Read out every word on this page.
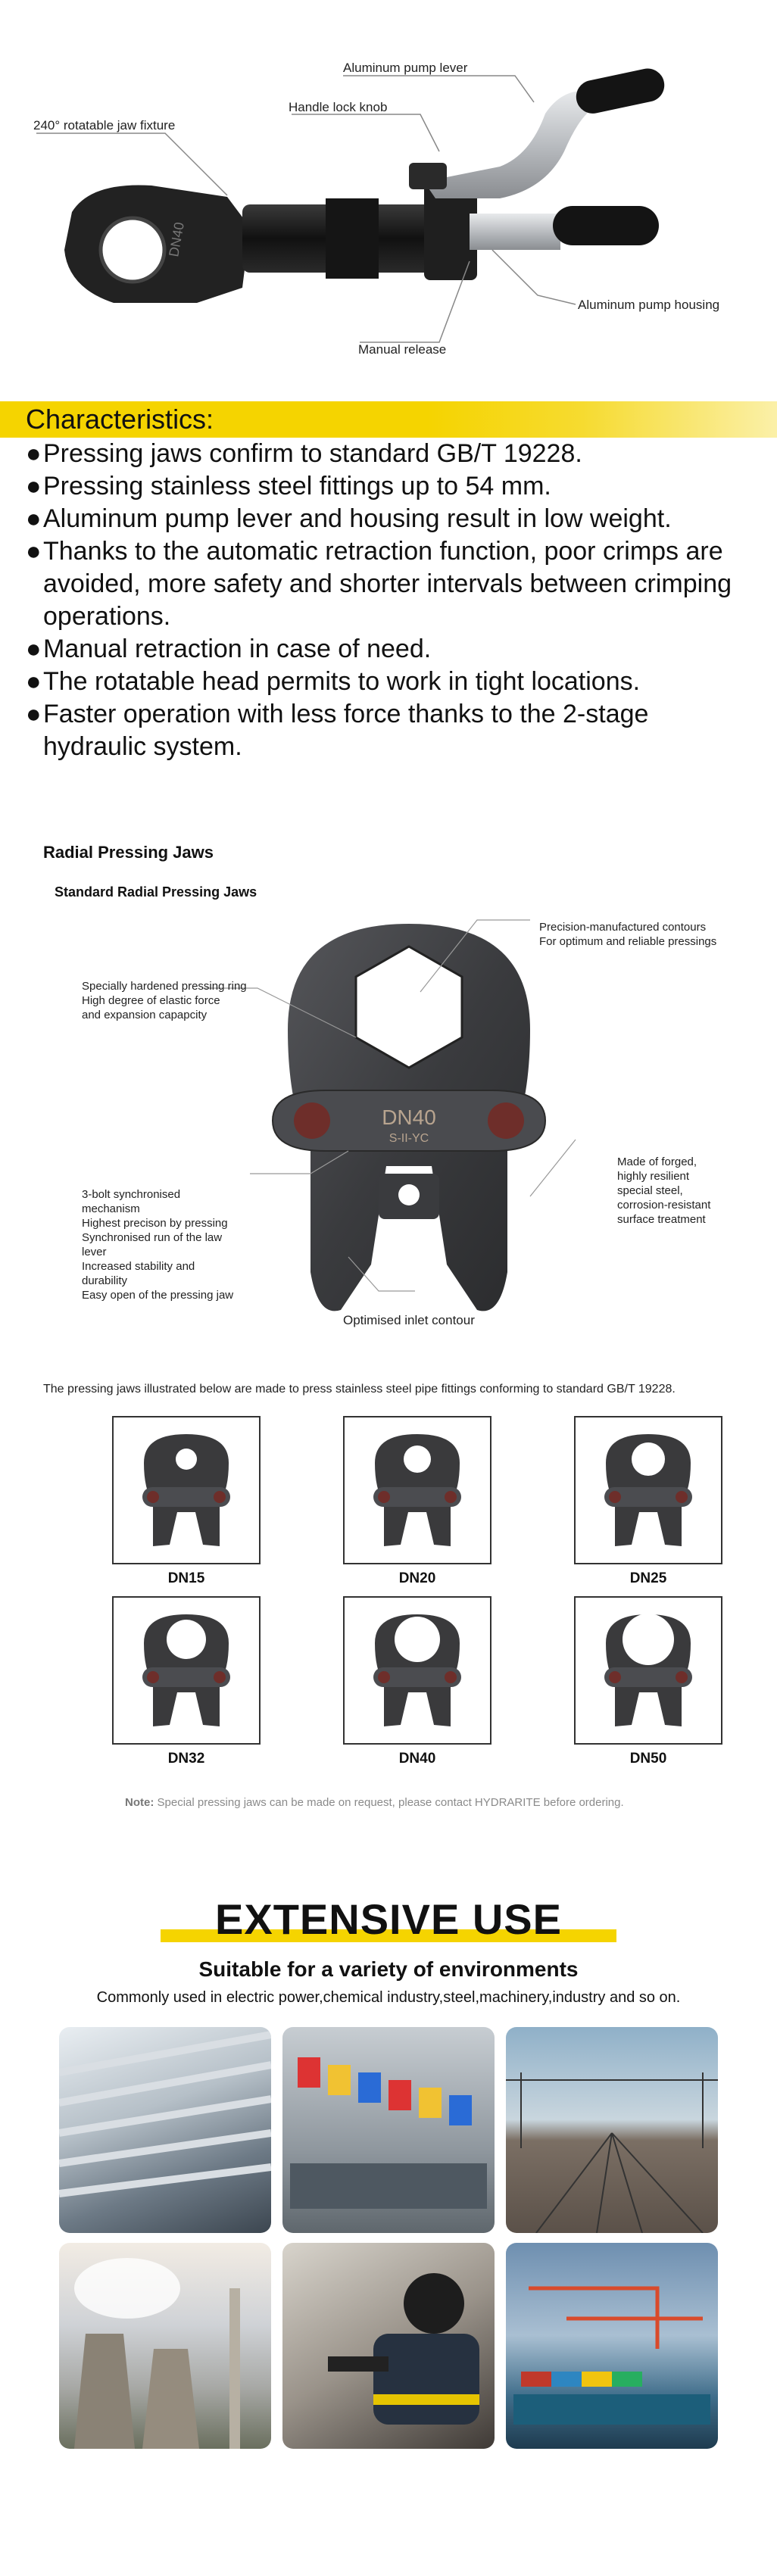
DN40
Aluminum pump lever
Handle lock knob
240° rotatable jaw fixture
Aluminum pump housing
Manual release
Characteristics:
● Pressing jaws confirm to standard GB/T 19228.
● Pressing stainless steel fittings up to 54 mm.
● Aluminum pump lever and housing result in low weight.
● Thanks to the automatic retraction function, poor crimps are avoided, more safety and shorter intervals between crimping operations.
● Manual retraction in case of need.
● The rotatable head permits to work in tight locations.
● Faster operation with less force thanks to the 2-stage hydraulic system.
Radial Pressing Jaws
Standard Radial Pressing Jaws
DN40
S-II-YC
Precision-manufactured contours
For optimum and reliable pressings
Specially hardened pressing ring
High degree of elastic force
and expansion capapcity
3-bolt synchronised
mechanism
Highest precison by pressing
Synchronised run of the law
lever
Increased stability and
durability
Easy open of the pressing jaw
Made of forged,
highly resilient
special steel,
corrosion-resistant
surface treatment
Optimised inlet contour
The pressing jaws illustrated below are made to press stainless steel pipe fittings conforming to standard GB/T 19228.
DN15	DN20	DN25
DN32	DN40	DN50
Note: Special pressing jaws can be made on request, please contact HYDRARITE before ordering.
EXTENSIVE USE
Suitable for a variety of environments
Commonly used in electric power,chemical industry,steel,machinery,industry and so on.
